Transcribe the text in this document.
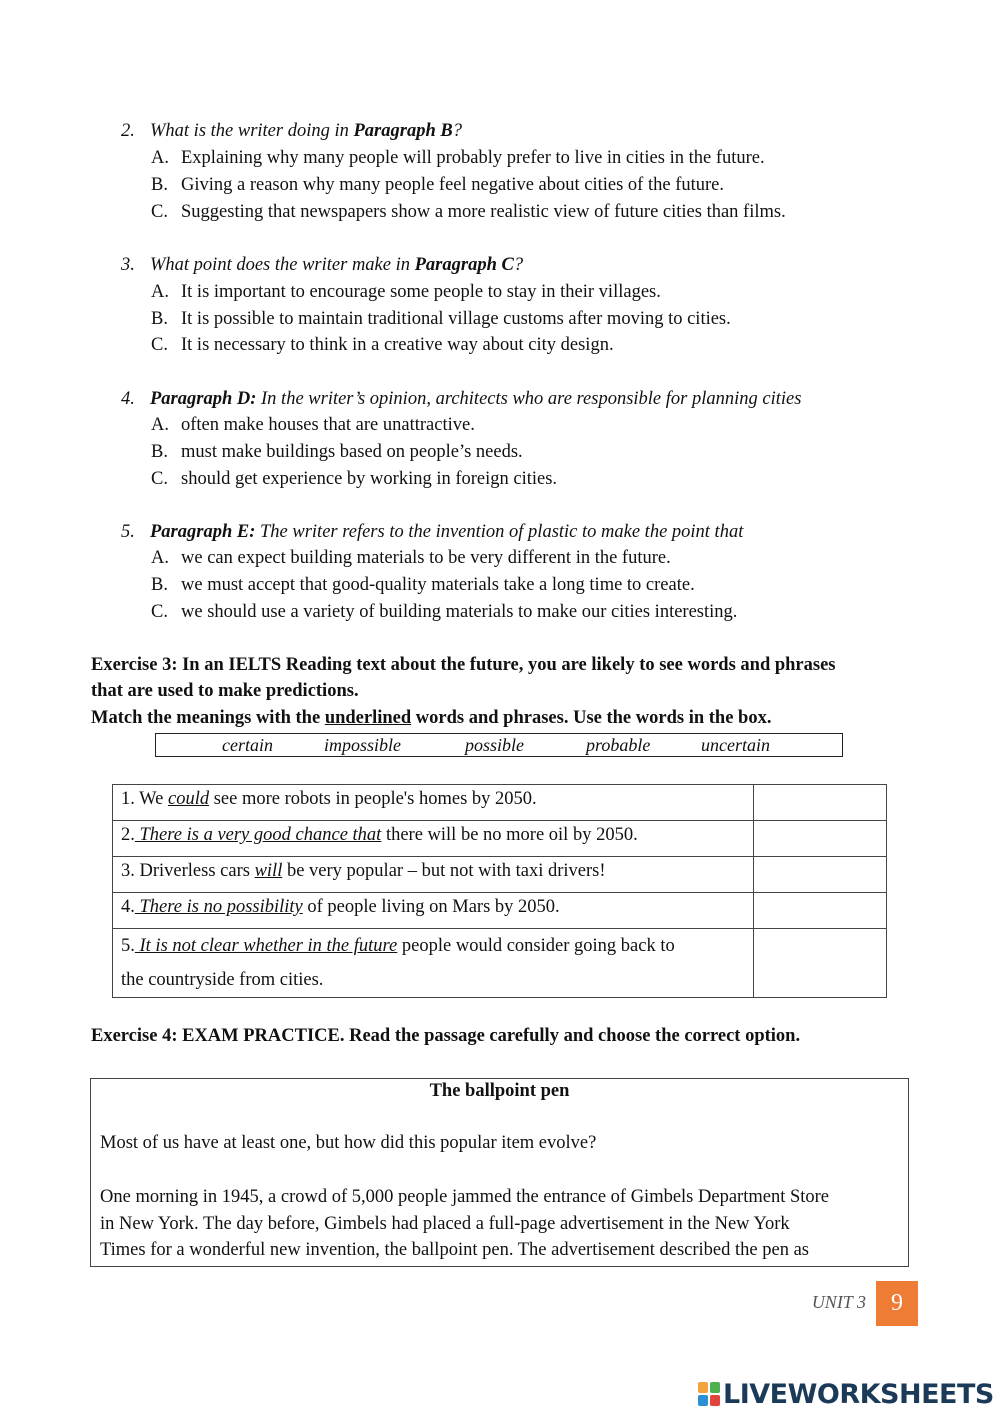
2. What is the writer doing in Paragraph B?
A. Explaining why many people will probably prefer to live in cities in the future.
B. Giving a reason why many people feel negative about cities of the future.
C. Suggesting that newspapers show a more realistic view of future cities than films.
3. What point does the writer make in Paragraph C?
A. It is important to encourage some people to stay in their villages.
B. It is possible to maintain traditional village customs after moving to cities.
C. It is necessary to think in a creative way about city design.
4. Paragraph D: In the writer’s opinion, architects who are responsible for planning cities
A. often make houses that are unattractive.
B. must make buildings based on people’s needs.
C. should get experience by working in foreign cities.
5. Paragraph E: The writer refers to the invention of plastic to make the point that
A. we can expect building materials to be very different in the future.
B. we must accept that good-quality materials take a long time to create.
C. we should use a variety of building materials to make our cities interesting.
Exercise 3: In an IELTS Reading text about the future, you are likely to see words and phrases
that are used to make predictions.
Match the meanings with the underlined words and phrases. Use the words in the box.
certain	impossible	possible	probable	uncertain
1. We could see more robots in people's homes by 2050.	
2. There is a very good chance that there will be no more oil by 2050.	
3. Driverless cars will be very popular – but not with taxi drivers!	
4. There is no possibility of people living on Mars by 2050.	
5. It is not clear whether in the future people would consider going back to
the countryside from cities.	
Exercise 4: EXAM PRACTICE. Read the passage carefully and choose the correct option.
The ballpoint pen
Most of us have at least one, but how did this popular item evolve?
One morning in 1945, a crowd of 5,000 people jammed the entrance of Gimbels Department Store
in New York. The day before, Gimbels had placed a full-page advertisement in the New York
Times for a wonderful new invention, the ballpoint pen. The advertisement described the pen as
UNIT 3	9
LIVEWORKSHEETS
